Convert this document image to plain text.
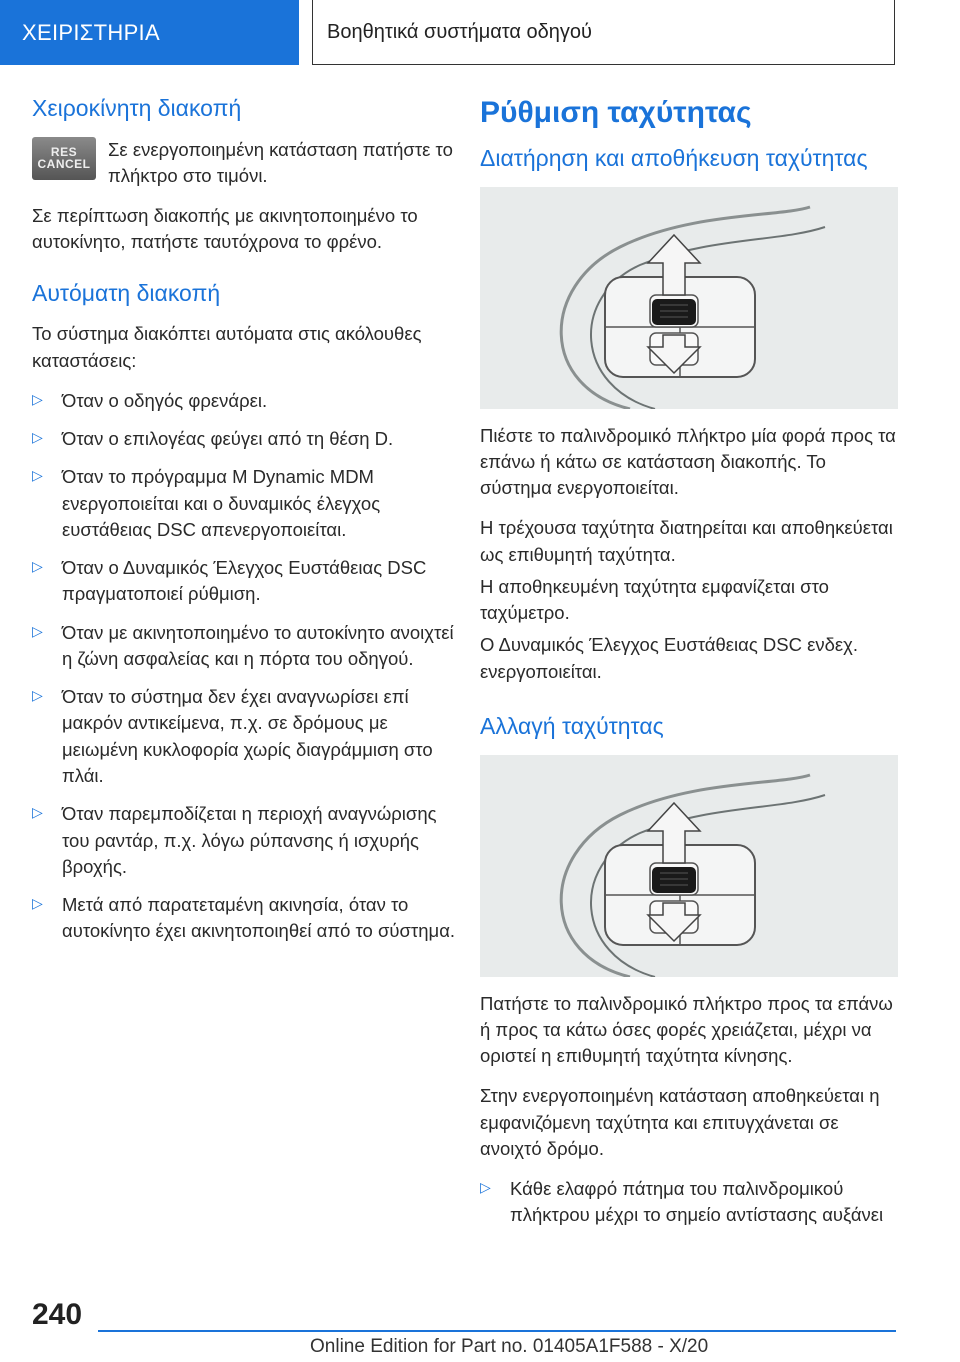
ΧΕΙΡΙΣΤΗΡΙΑ	Βοηθητικά συστήματα οδηγού
Χειροκίνητη διακοπή
RES
CANCEL

Σε ενεργοποιημένη κατάσταση πατήστε το πλήκτρο στο τιμόνι.

Σε περίπτωση διακοπής με ακινητοποιημένο το αυτοκίνητο, πατήστε ταυτόχρονα το φρένο.

Αυτόματη διακοπή

Το σύστημα διακόπτει αυτόματα στις ακόλουθες καταστάσεις:

▷ Όταν ο οδηγός φρενάρει.
▷ Όταν ο επιλογέας φεύγει από τη θέση D.
▷ Όταν το πρόγραμμα M Dynamic MDM ενεργοποιείται και ο δυναμικός έλεγχος ευστάθειας DSC απενεργοποιείται.
▷ Όταν ο Δυναμικός Έλεγχος Ευστάθειας DSC πραγματοποιεί ρύθμιση.
▷ Όταν με ακινητοποιημένο το αυτοκίνητο ανοιχτεί η ζώνη ασφαλείας και η πόρτα του οδηγού.
▷ Όταν το σύστημα δεν έχει αναγνωρίσει επί μακρόν αντικείμενα, π.χ. σε δρόμους με μειωμένη κυκλοφορία χωρίς διαγράμμιση στο πλάι.
▷ Όταν παρεμποδίζεται η περιοχή αναγνώρισης του ραντάρ, π.χ. λόγω ρύπανσης ή ισχυρής βροχής.
▷ Μετά από παρατεταμένη ακινησία, όταν το αυτοκίνητο έχει ακινητοποιηθεί από το σύστημα.
Ρύθμιση ταχύτητας
Διατήρηση και αποθήκευση ταχύτητας

Πιέστε το παλινδρομικό πλήκτρο μία φορά προς τα επάνω ή κάτω σε κατάσταση διακοπής. Το σύστημα ενεργοποιείται.

Η τρέχουσα ταχύτητα διατηρείται και αποθηκεύεται ως επιθυμητή ταχύτητα.

Η αποθηκευμένη ταχύτητα εμφανίζεται στο ταχύμετρο.

Ο Δυναμικός Έλεγχος Ευστάθειας DSC ενδεχ. ενεργοποιείται.

Αλλαγή ταχύτητας

Πατήστε το παλινδρομικό πλήκτρο προς τα επάνω ή προς τα κάτω όσες φορές χρειάζεται, μέχρι να οριστεί η επιθυμητή ταχύτητα κίνησης.

Στην ενεργοποιημένη κατάσταση αποθηκεύεται η εμφανιζόμενη ταχύτητα και επιτυγχάνεται σε ανοιχτό δρόμο.

▷ Κάθε ελαφρό πάτημα του παλινδρομικού πλήκτρου μέχρι το σημείο αντίστασης αυξάνει
240
Online Edition for Part no. 01405A1F588 - X/20
